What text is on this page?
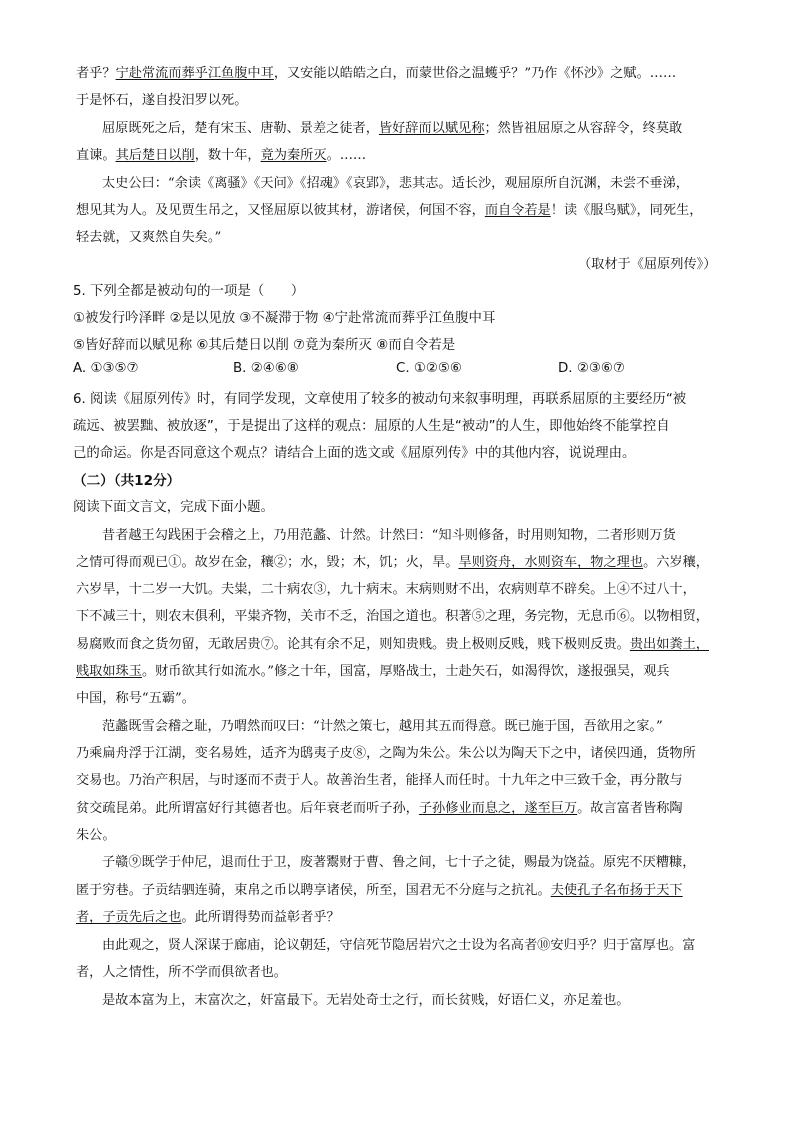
者乎？宁赴常流而葬乎江鱼腹中耳，又安能以皓皓之白，而蒙世俗之温蠖乎？”乃作《怀沙》之赋。……
于是怀石，遂自投汨罗以死。
屈原既死之后，楚有宋玉、唐勒、景差之徒者，皆好辞而以赋见称；然皆祖屈原之从容辞令，终莫敢
直谏。其后楚日以削，数十年，竟为秦所灭。……
太史公曰：“余读《离骚》《天问》《招魂》《哀郢》，悲其志。适长沙，观屈原所自沉渊，未尝不垂涕，
想见其为人。及见贾生吊之，又怪屈原以彼其材，游诸侯，何国不容，而自令若是！读《服鸟赋》，同死生，
轻去就，又爽然自失矣。”
（取材于《屈原列传》）
5. 下列全都是被动句的一项是（　　）
①被发行吟泽畔 ②是以见放 ③不凝滞于物 ④宁赴常流而葬乎江鱼腹中耳
⑤皆好辞而以赋见称 ⑥其后楚日以削 ⑦竟为秦所灭 ⑧而自令若是
A. ①③⑤⑦	B. ②④⑥⑧	C. ①②⑤⑥	D. ②③⑥⑦
6. 阅读《屈原列传》时，有同学发现，文章使用了较多的被动句来叙事明理，再联系屈原的主要经历“被
疏远、被罢黜、被放逐”，于是提出了这样的观点：屈原的人生是“被动”的人生，即他始终不能掌控自
己的命运。你是否同意这个观点？请结合上面的选文或《屈原列传》中的其他内容，说说理由。
（二）（共12分）
阅读下面文言文，完成下面小题。
昔者越王勾践困于会稽之上，乃用范蠡、计然。计然曰：“知斗则修备，时用则知物，二者形则万货
之情可得而观已①。故岁在金，穰②；水，毁；木，饥；火，旱。旱则资舟，水则资车，物之理也。六岁穰，
六岁旱，十二岁一大饥。夫粜，二十病农③，九十病末。末病则财不出，农病则草不辟矣。上④不过八十，
下不减三十，则农末俱利，平粜齐物，关市不乏，治国之道也。积著⑤之理，务完物，无息币⑥。以物相贸，
易腐败而食之货勿留，无敢居贵⑦。论其有余不足，则知贵贱。贵上极则反贱，贱下极则反贵。贵出如粪土，
贱取如珠玉。财币欲其行如流水。”修之十年，国富，厚赂战士，士赴矢石，如渴得饮，遂报强吴，观兵
中国，称号“五霸”。
范蠡既雪会稽之耻，乃喟然而叹曰：“计然之策七，越用其五而得意。既已施于国，吾欲用之家。”
乃乘扁舟浮于江湖，变名易姓，适齐为鸱夷子皮⑧，之陶为朱公。朱公以为陶天下之中，诸侯四通，货物所
交易也。乃治产积居，与时逐而不责于人。故善治生者，能择人而任时。十九年之中三致千金，再分散与
贫交疏昆弟。此所谓富好行其德者也。后年衰老而听子孙，子孙修业而息之，遂至巨万。故言富者皆称陶
朱公。
子赣⑨既学于仲尼，退而仕于卫，废著鬻财于曹、鲁之间，七十子之徒，赐最为饶益。原宪不厌糟糠，
匿于穷巷。子贡结驷连骑，束帛之币以聘享诸侯，所至，国君无不分庭与之抗礼。夫使孔子名布扬于天下
者，子贡先后之也。此所谓得势而益彰者乎？
由此观之，贤人深谋于廊庙，论议朝廷，守信死节隐居岩穴之士设为名高者⑩安归乎？归于富厚也。富
者，人之情性，所不学而俱欲者也。
是故本富为上，末富次之，奸富最下。无岩处奇士之行，而长贫贱，好语仁义，亦足羞也。
